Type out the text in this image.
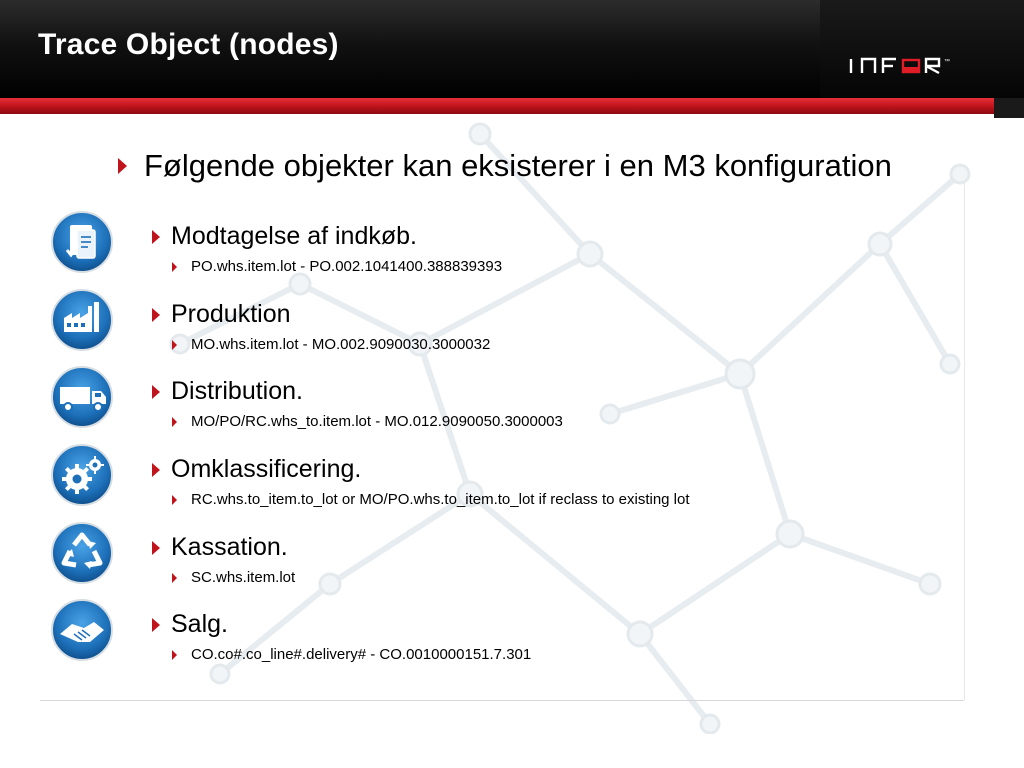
Trace Object (nodes)
™
Følgende objekter kan eksisterer i en M3 konfiguration
Modtagelse af indkøb.
PO.whs.item.lot - PO.002.1041400.388839393
Produktion
MO.whs.item.lot - MO.002.9090030.3000032
Distribution.
MO/PO/RC.whs_to.item.lot - MO.012.9090050.3000003
Omklassificering.
RC.whs.to_item.to_lot or MO/PO.whs.to_item.to_lot if reclass to existing lot
Kassation.
SC.whs.item.lot
Salg.
CO.co#.co_line#.delivery# - CO.0010000151.7.301
